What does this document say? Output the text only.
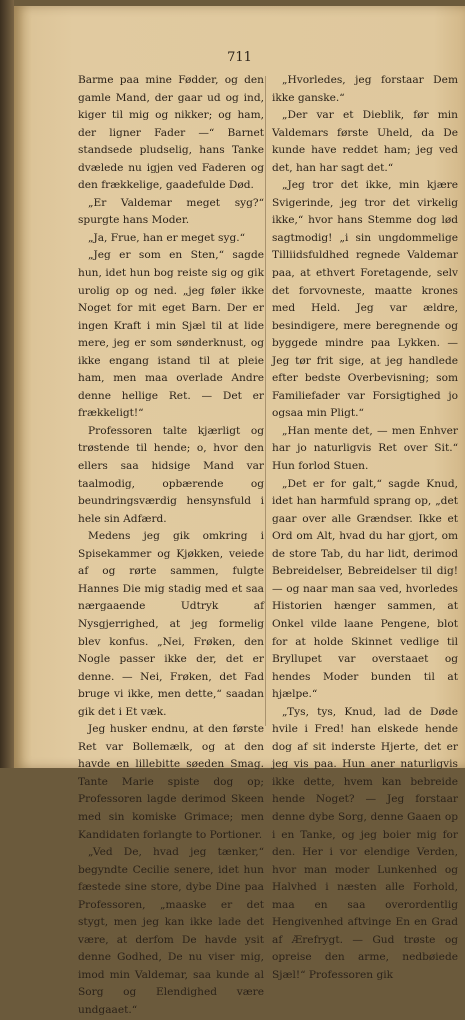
711

Barme paa mine Fødder, og den gamle Mand, der gaar ud og ind, kiger til mig og nikker; og ham, der ligner Fader —“ Barnet standsede pludselig, hans Tanke dvælede nu igjen ved Faderen og den frækkelige, gaadefulde Død.

„Er Valdemar meget syg?“ spurgte hans Moder.

„Ja, Frue, han er meget syg.“

„Jeg er som en Sten,“ sagde hun, idet hun bog reiste sig og gik urolig op og ned. „jeg føler ikke Noget for mit eget Barn. Der er ingen Kraft i min Sjæl til at lide mere, jeg er som sønderknust, og ikke engang istand til at pleie ham, men maa overlade Andre denne hellige Ret. — Det er frækkeligt!“

Professoren talte kjærligt og trøstende til hende; o, hvor den ellers saa hidsige Mand var taalmodig, opbærende og beundringsværdig hensynsfuld i hele sin Adfærd.

Medens jeg gik omkring i Spisekammer og Kjøkken, veiede af og rørte sammen, fulgte Hannes Die mig stadig med et saa nærgaaende Udtryk af Nysgjerrighed, at jeg formelig blev konfus. „Nei, Frøken, den Nogle passer ikke der, det er denne. — Nei, Frøken, det Fad bruge vi ikke, men dette,“ saadan gik det i Et væk.

Jeg husker endnu, at den første Ret var Bollemælk, og at den havde en lillebitte søeden Smag. Tante Marie spiste dog op; Professoren lagde derimod Skeen med sin komiske Grimace; men Kandidaten forlangte to Portioner.

„Ved De, hvad jeg tænker,“ begyndte Cecilie senere, idet hun fæstede sine store, dybe Dine paa Professoren, „maaske er det stygt, men jeg kan ikke lade det være, at derfom De havde ysit denne Godhed, De nu viser mig, imod min Valdemar, saa kunde al Sorg og Elendighed være undgaaet.“

„Hvorledes, jeg forstaar Dem ikke ganske.“

„Der var et Dieblik, før min Valdemars første Uheld, da De kunde have reddet ham; jeg ved det, han har sagt det.“

„Jeg tror det ikke, min kjære Svigerinde, jeg tror det virkelig ikke,“ hvor hans Stemme dog lød sagtmodig! „i sin ungdommelige Tilliidsfuldhed regnede Valdemar paa, at ethvert Foretagende, selv det forvovneste, maatte krones med Held. Jeg var ældre, besindigere, mere beregnende og byggede mindre paa Lykken. — Jeg tør frit sige, at jeg handlede efter bedste Overbevisning; som Familiefader var Forsigtighed jo ogsaa min Pligt.“

„Han mente det, — men Enhver har jo naturligvis Ret over Sit.“ Hun forlod Stuen.

„Det er for galt,“ sagde Knud, idet han harmfuld sprang op, „det gaar over alle Grændser. Ikke et Ord om Alt, hvad du har gjort, om de store Tab, du har lidt, derimod Bebreidelser, Bebreidelser til dig! — og naar man saa ved, hvorledes Historien hænger sammen, at Onkel vilde laane Pengene, blot for at holde Skinnet vedlige til Bryllupet var overstaaet og hendes Moder bunden til at hjælpe.“

„Tys, tys, Knud, lad de Døde hvile i Fred! han elskede hende dog af sit inderste Hjerte, det er jeg vis paa. Hun aner naturligvis ikke dette, hvem kan bebreide hende Noget? — Jeg forstaar denne dybe Sorg, denne Gaaen op i en Tanke, og jeg boier mig for den. Her i vor elendige Verden, hvor man moder Lunkenhed og Halvhed i næsten alle Forhold, maa en saa overordentlig Hengivenhed aftvinge En en Grad af Ærefrygt. — Gud trøste og opreise den arme, nedbøiede Sjæl!“ Professoren gik
